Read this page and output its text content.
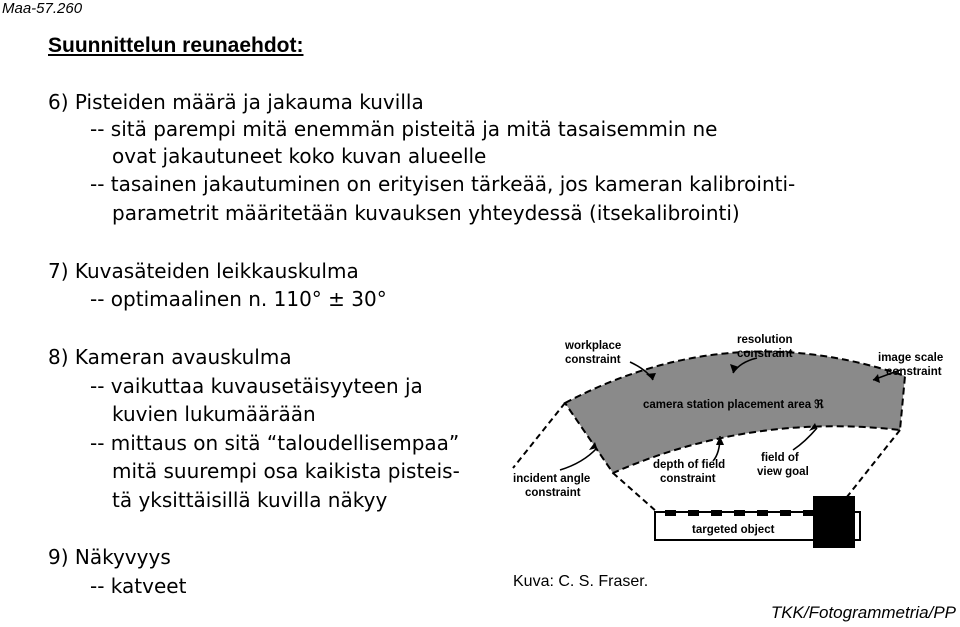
Maa-57.260
Suunnittelun reunaehdot:
6) Pisteiden määrä ja jakauma kuvilla
-- sitä parempi mitä enemmän pisteitä ja mitä tasaisemmin ne
ovat jakautuneet koko kuvan alueelle
-- tasainen jakautuminen on erityisen tärkeää, jos kameran kalibrointi-
parametrit määritetään kuvauksen yhteydessä (itsekalibrointi)
7) Kuvasäteiden leikkauskulma
-- optimaalinen n. 110° ± 30°
8) Kameran avauskulma
-- vaikuttaa kuvausetäisyyteen ja
kuvien lukumäärään
-- mittaus on sitä “taloudellisempaa”
mitä suurempi osa kaikista pisteis-
tä yksittäisillä kuvilla näkyy
9) Näkyvyys
-- katveet
workplace
constraint
resolution
constraint	image scale
constraint
camera station placement area ℜ
incident angle
constraint
depth of field
constraint
field of
view goal
targeted object
Kuva: C. S. Fraser.
TKK/Fotogrammetria/PP
